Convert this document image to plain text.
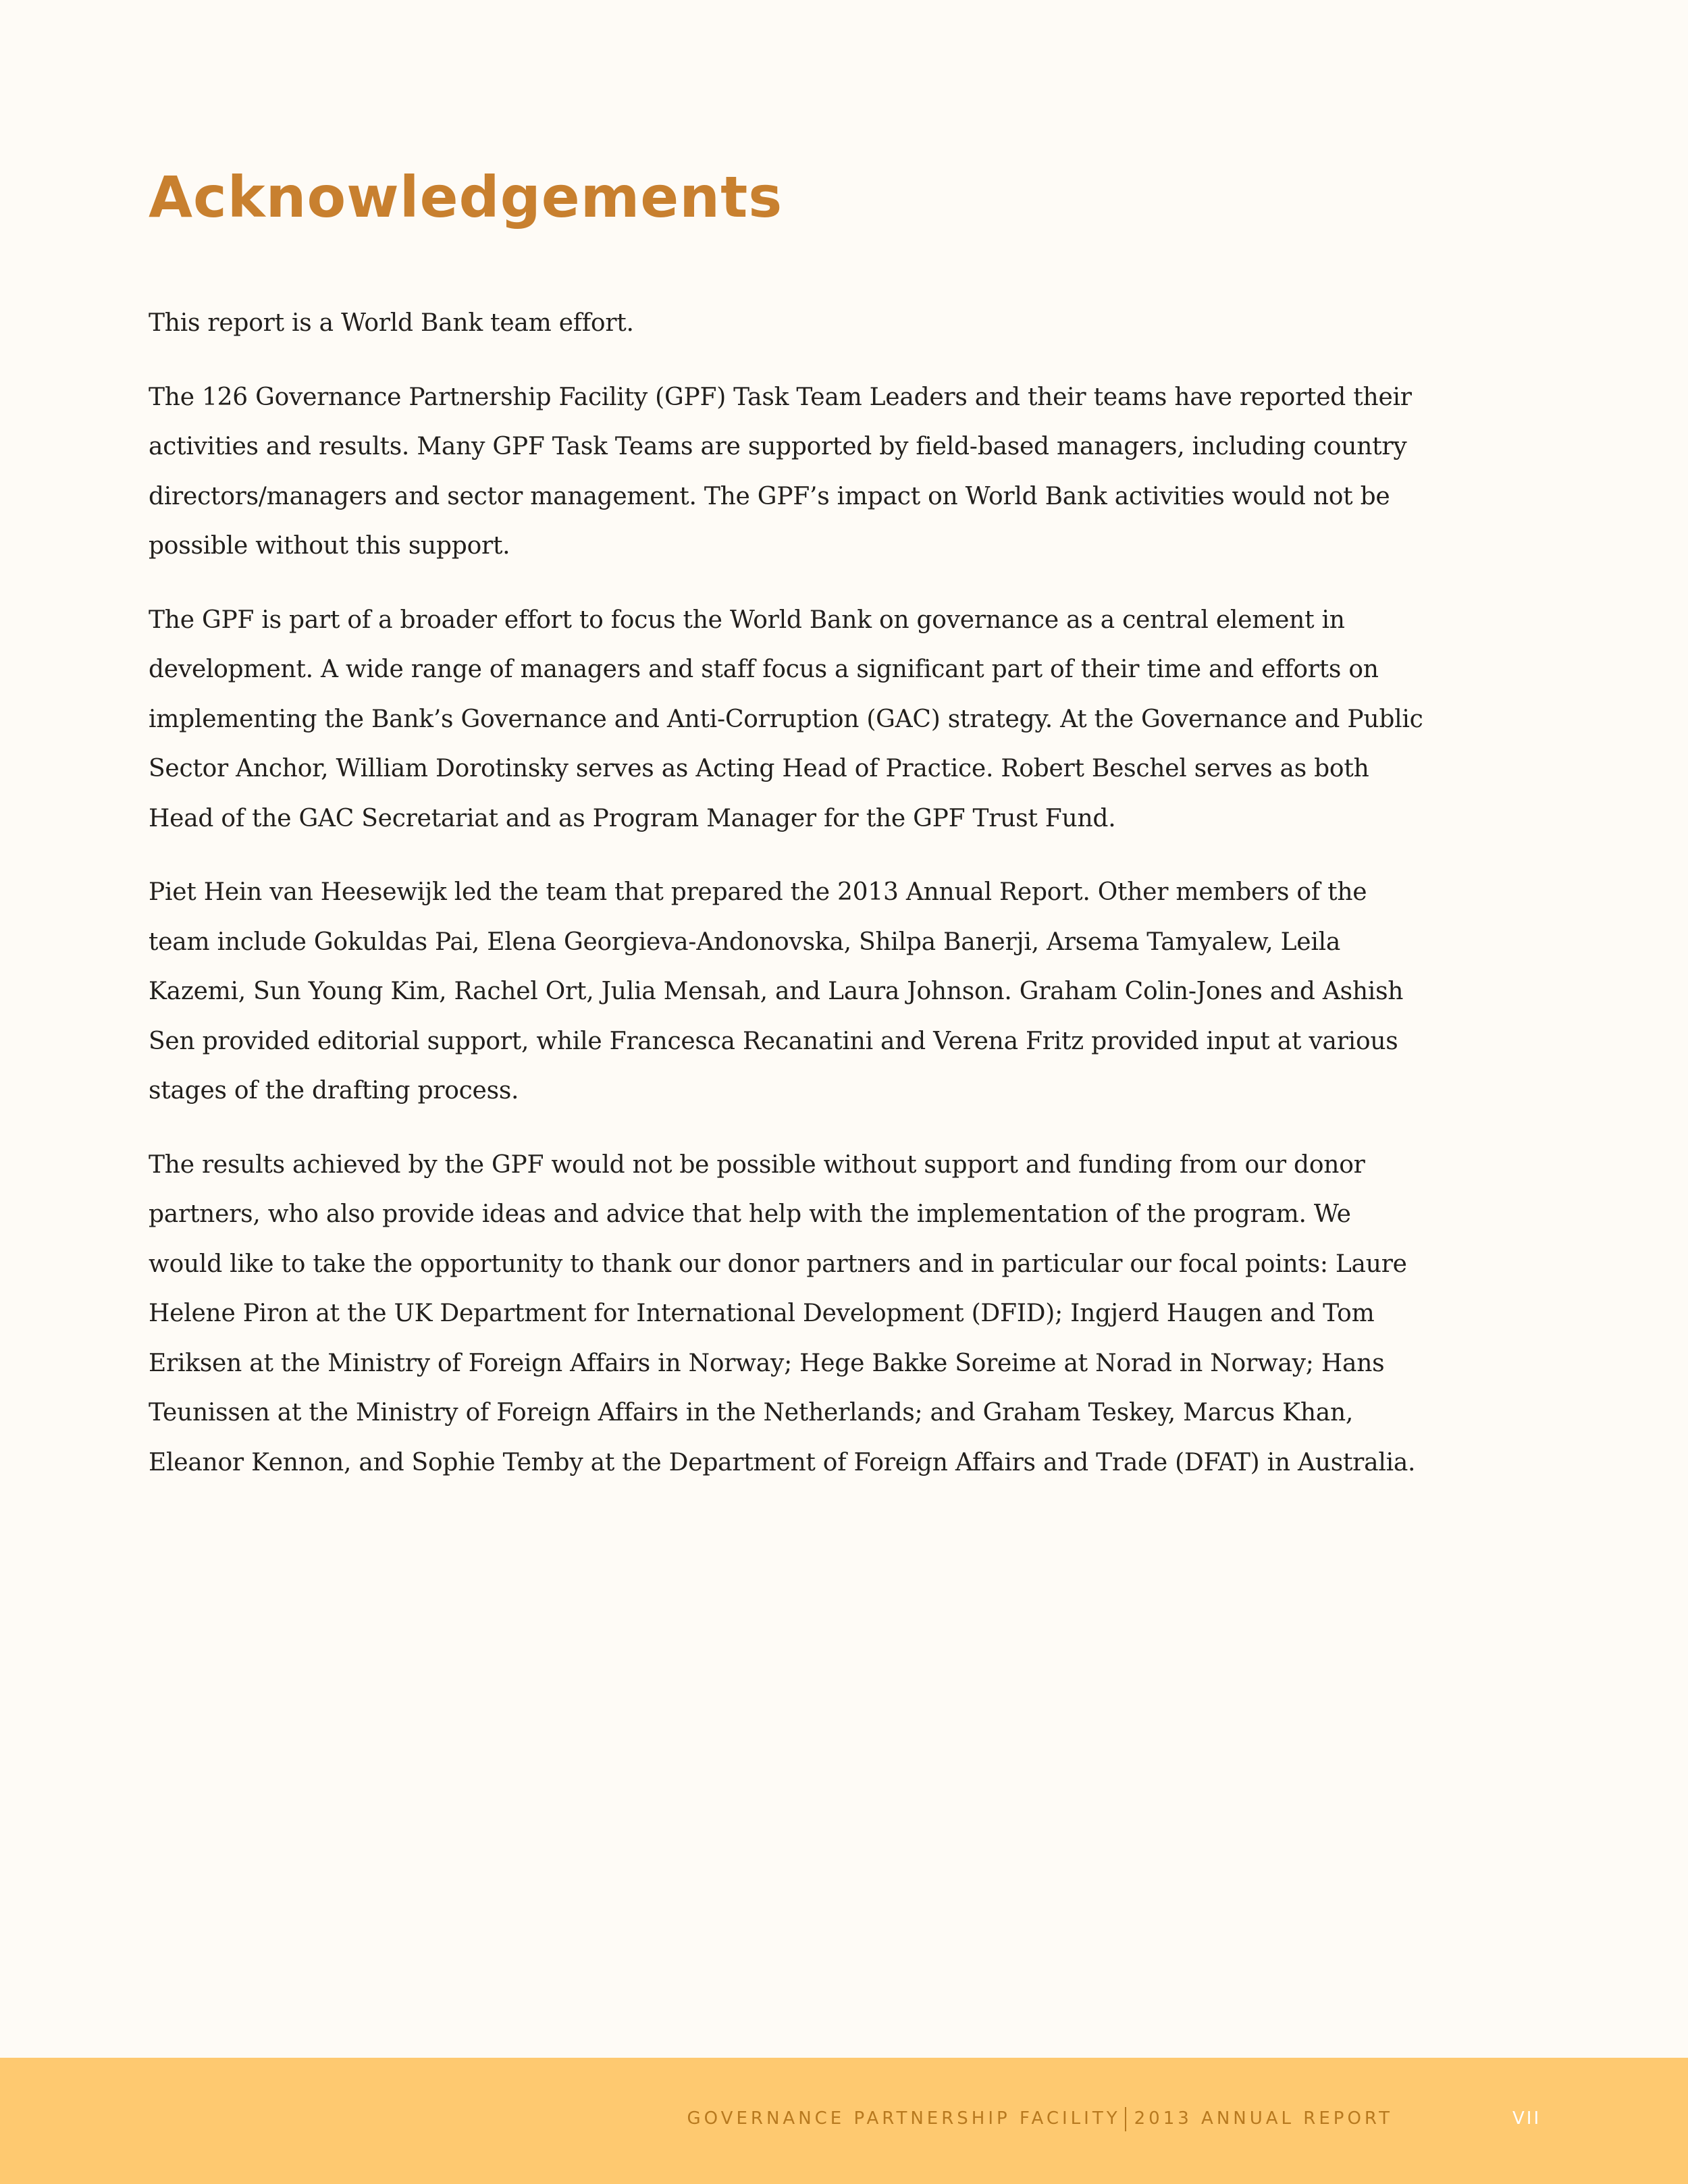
Acknowledgements

This report is a World Bank team effort.

The 126 Governance Partnership Facility (GPF) Task Team Leaders and their teams have reported their activities and results. Many GPF Task Teams are supported by field-based managers, including country directors/managers and sector management. The GPF’s impact on World Bank activities would not be possible without this support.

The GPF is part of a broader effort to focus the World Bank on governance as a central element in development. A wide range of managers and staff focus a significant part of their time and efforts on implementing the Bank’s Governance and Anti-Corruption (GAC) strategy. At the Governance and Public Sector Anchor, William Dorotinsky serves as Acting Head of Practice. Robert Beschel serves as both Head of the GAC Secretariat and as Program Manager for the GPF Trust Fund.

Piet Hein van Heesewijk led the team that prepared the 2013 Annual Report. Other members of the team include Gokuldas Pai, Elena Georgieva-Andonovska, Shilpa Banerji, Arsema Tamyalew, Leila Kazemi, Sun Young Kim, Rachel Ort, Julia Mensah, and Laura Johnson. Graham Colin-Jones and Ashish Sen provided editorial support, while Francesca Recanatini and Verena Fritz provided input at various stages of the drafting process.

The results achieved by the GPF would not be possible without support and funding from our donor partners, who also provide ideas and advice that help with the implementation of the program. We would like to take the opportunity to thank our donor partners and in particular our focal points: Laure Helene Piron at the UK Department for International Development (DFID); Ingjerd Haugen and Tom Eriksen at the Ministry of Foreign Affairs in Norway; Hege Bakke Soreime at Norad in Norway; Hans Teunissen at the Ministry of Foreign Affairs in the Netherlands; and Graham Teskey, Marcus Khan, Eleanor Kennon, and Sophie Temby at the Department of Foreign Affairs and Trade (DFAT) in Australia.

GOVERNANCE PARTNERSHIP FACILITY 2013 ANNUAL REPORT	VII
